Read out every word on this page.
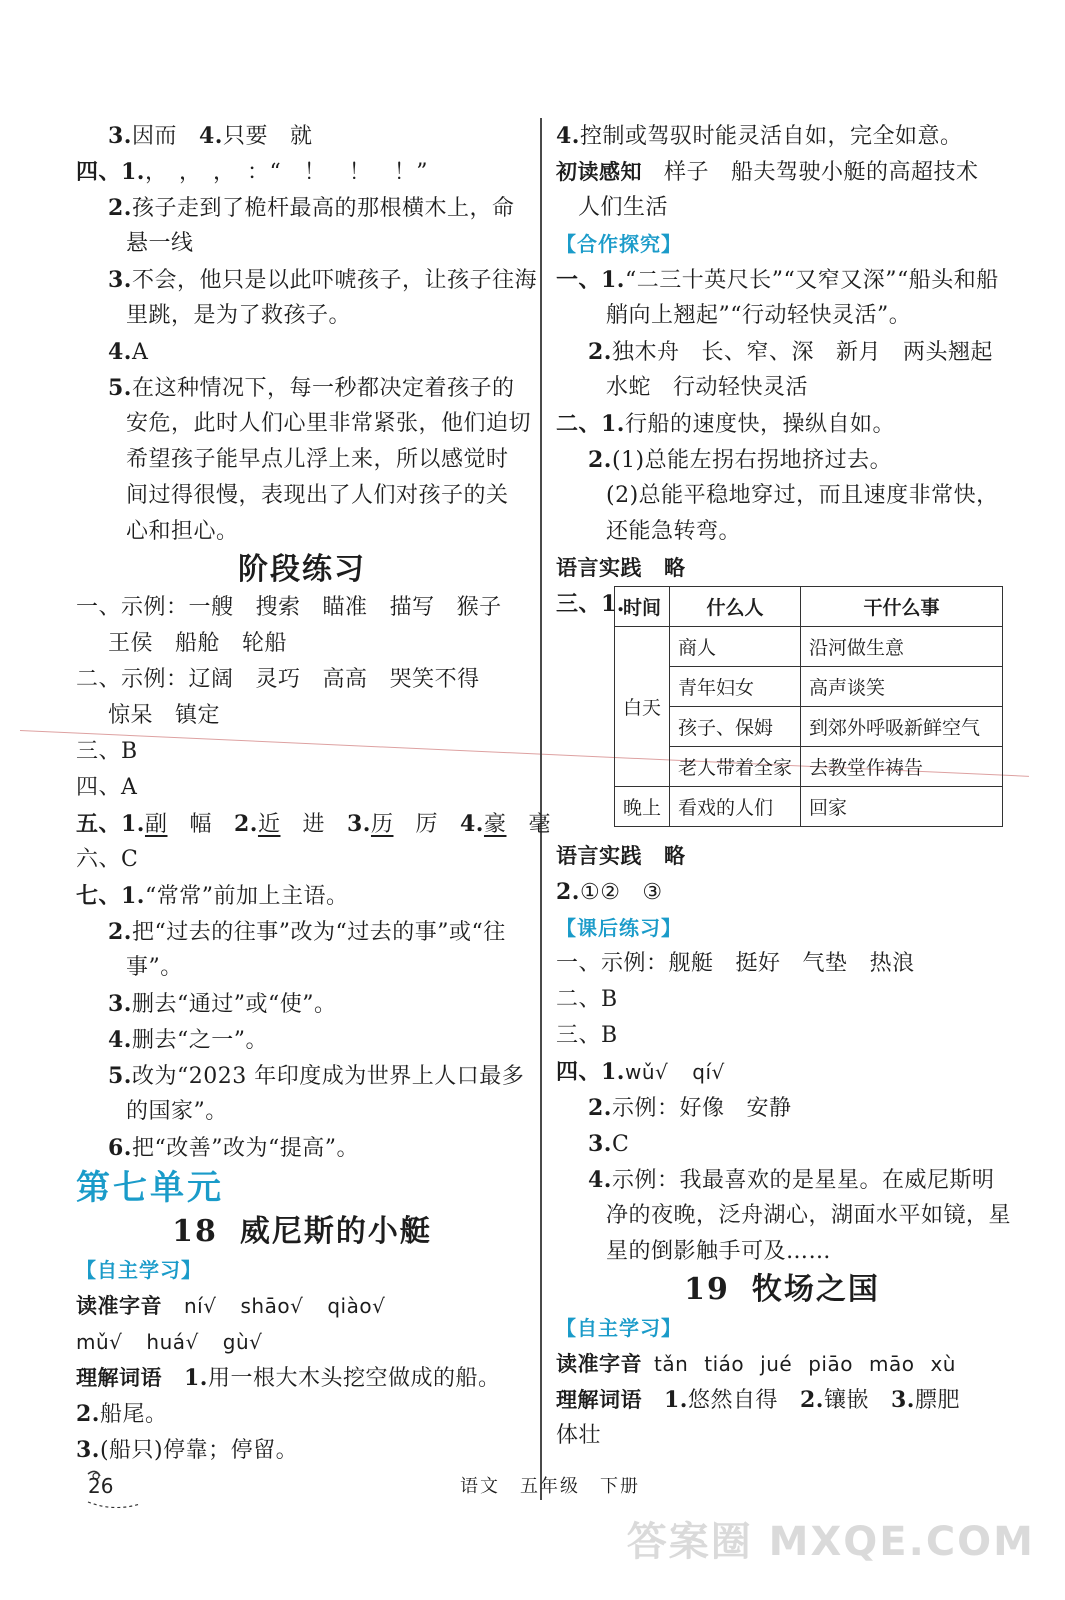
3.因而 4.只要 就
四、1.，　，　，　：“　！　！　！”
2.孩子走到了桅杆最高的那根横木上，命
悬一线
3.不会，他只是以此吓唬孩子，让孩子往海
里跳，是为了救孩子。
4.A
5.在这种情况下，每一秒都决定着孩子的
安危，此时人们心里非常紧张，他们迫切
希望孩子能早点儿浮上来，所以感觉时
间过得很慢，表现出了人们对孩子的关
心和担心。
阶段练习
一、示例：一艘 搜索 瞄准 描写 猴子
王侯 船舱 轮船
二、示例：辽阔 灵巧 高高 哭笑不得
惊呆 镇定
三、B
四、A
五、1.副 幅 2.近 进 3.历 厉 4.豪 毫
六、C
七、1.“常常”前加上主语。
2.把“过去的往事”改为“过去的事”或“往
事”。
3.删去“通过”或“使”。
4.删去“之一”。
5.改为“2023 年印度成为世界上人口最多
的国家”。
6.把“改善”改为“提高”。
第七单元
18 威尼斯的小艇
【自主学习】
读准字音 ní√ shāo√ qiào√
mǔ√ huá√ gù√
理解词语 1.用一根大木头挖空做成的船。
2.船尾。
3.(船只)停靠；停留。
4.控制或驾驭时能灵活自如，完全如意。
初读感知 样子 船夫驾驶小艇的高超技术
人们生活
【合作探究】
一、1.“二三十英尺长”“又窄又深”“船头和船
艄向上翘起”“行动轻快灵活”。
2.独木舟 长、窄、深 新月 两头翘起
水蛇 行动轻快灵活
二、1.行船的速度快，操纵自如。
2.(1)总能左拐右拐地挤过去。
(2)总能平稳地穿过，而且速度非常快，
还能急转弯。
语言实践 略
三、1.
时间	什么人	干什么事
白天	商人	沿河做生意
	青年妇女	高声谈笑
	孩子、保姆	到郊外呼吸新鲜空气
	老人带着全家	去教堂作祷告
晚上	看戏的人们	回家
语言实践 略
2.①② ③
【课后练习】
一、示例：舰艇 挺好 气垫 热浪
二、B
三、B
四、1.wǔ√ qí√
2.示例：好像 安静
3.C
4.示例：我最喜欢的是星星。在威尼斯明
净的夜晚，泛舟湖心，湖面水平如镜，星
星的倒影触手可及……
19 牧场之国
【自主学习】
读准字音 tǎn tiáo jué piāo māo xù
理解词语 1.悠然自得 2.镶嵌 3.膘肥
体壮
26	语文　五年级　下册
答案圈 MXQE.COM
